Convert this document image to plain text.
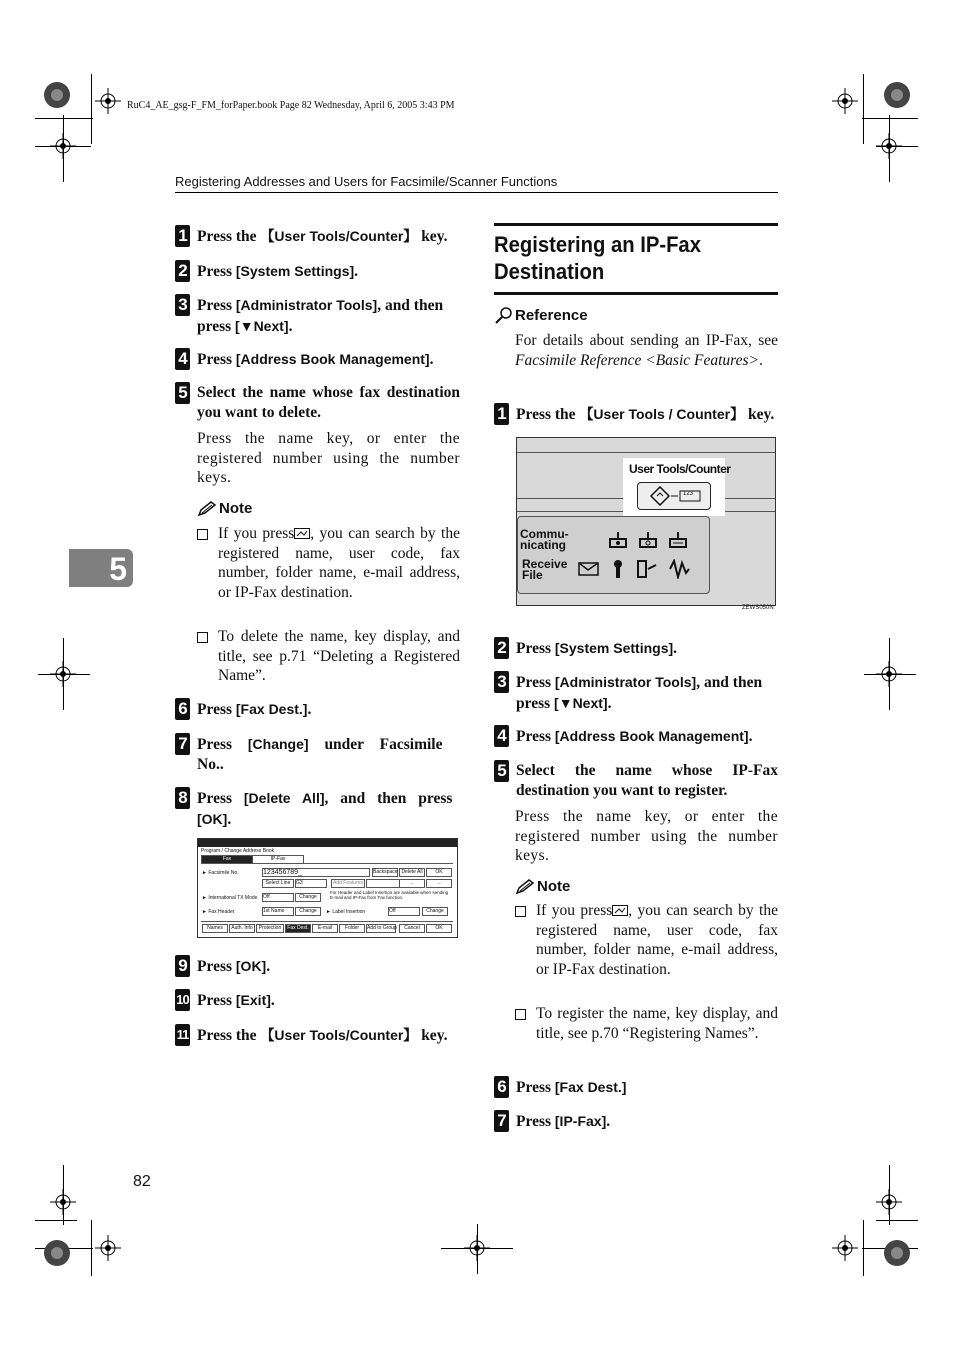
RuC4_AE_gsg-F_FM_forPaper.book Page 82 Wednesday, April 6, 2005 3:43 PM
Registering Addresses and Users for Facsimile/Scanner Functions
5
1 Press the 【User Tools/Counter】 key.
2 Press [System Settings].
3 Press [Administrator Tools], and then press [▼Next].
4 Press [Address Book Management].
5 Select the name whose fax destination you want to delete.
Press the name key, or enter the registered number using the number keys.
Note
If you press , you can search by the registered name, user code, fax number, folder name, e-mail address, or IP-Fax destination.
To delete the name, key display, and title, see p.71 “Deleting a Registered Name”.
6 Press [Fax Dest.].
7 Press [Change] under Facsimile No..
8 Press [Delete All], and then press [OK].
Program / Change Address Book
Fax	IP-Fax
► Facsimile No.	123456789_	Backspace Delete All	OK
Select Line	G3	Add Features	←	→
► International TX Mode Off	Change
For Header and Label Insertion are available when sending E-mail and IP-Fax from Fax function.
► Fax Header	1st Name	Change	► Label Insertion	Off	Change
Names	Auth. Info	Protection	Fax Dest.	E-mail	Folder	Add to Group	Cancel	OK
9 Press [OK].
10 Press [Exit].
11 Press the 【User Tools/Counter】 key.
Registering an IP-Fax Destination
Reference
For details about sending an IP-Fax, see Facsimile Reference <Basic Features>.
1 Press the 【User Tools / Counter】 key.
User Tools/Counter
123
Commu-
nicating
Receive
File
ZEWS050N
2 Press [System Settings].
3 Press [Administrator Tools], and then press [▼Next].
4 Press [Address Book Management].
5 Select the name whose IP-Fax destination you want to register.
Press the name key, or enter the registered number using the number keys.
Note
If you press , you can search by the registered name, user code, fax number, folder name, e-mail address, or IP-Fax destination.
To register the name, key display, and title, see p.70 “Registering Names”.
6 Press [Fax Dest.]
7 Press [IP-Fax].
82
